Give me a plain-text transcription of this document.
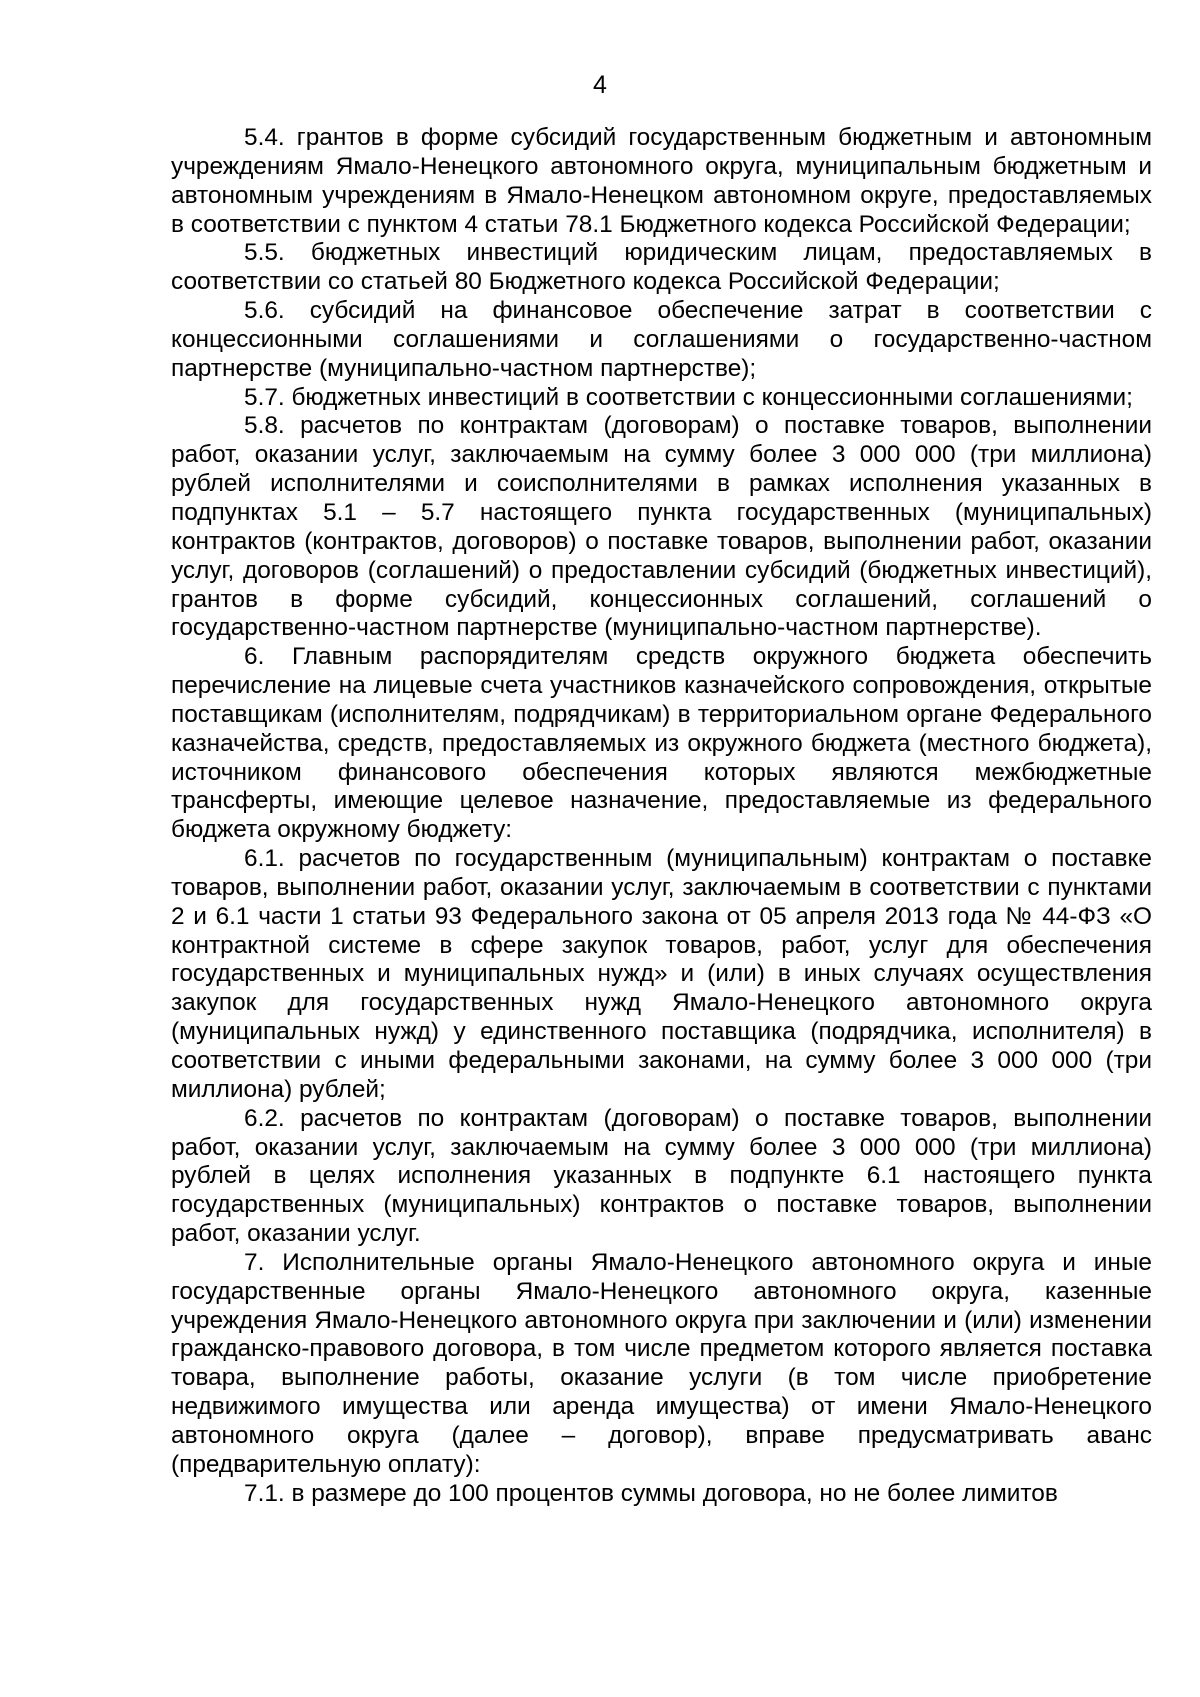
4

5.4. грантов в форме субсидий государственным бюджетным и автономным учреждениям Ямало-Ненецкого автономного округа, муниципальным бюджетным и автономным учреждениям в Ямало-Ненецком автономном округе, предоставляемых в соответствии с пунктом 4 статьи 78.1 Бюджетного кодекса Российской Федерации;

5.5. бюджетных инвестиций юридическим лицам, предоставляемых в соответствии со статьей 80 Бюджетного кодекса Российской Федерации;

5.6. субсидий на финансовое обеспечение затрат в соответствии с концессионными соглашениями и соглашениями о государственно-частном партнерстве (муниципально-частном партнерстве);

5.7. бюджетных инвестиций в соответствии с концессионными соглашениями;

5.8. расчетов по контрактам (договорам) о поставке товаров, выполнении работ, оказании услуг, заключаемым на сумму более 3 000 000 (три миллиона) рублей исполнителями и соисполнителями в рамках исполнения указанных в подпунктах 5.1 – 5.7 настоящего пункта государственных (муниципальных) контрактов (контрактов, договоров) о поставке товаров, выполнении работ, оказании услуг, договоров (соглашений) о предоставлении субсидий (бюджетных инвестиций), грантов в форме субсидий, концессионных соглашений, соглашений о государственно-частном партнерстве (муниципально-частном партнерстве).

6. Главным распорядителям средств окружного бюджета обеспечить перечисление на лицевые счета участников казначейского сопровождения, открытые поставщикам (исполнителям, подрядчикам) в территориальном органе Федерального казначейства, средств, предоставляемых из окружного бюджета (местного бюджета), источником финансового обеспечения которых являются межбюджетные трансферты, имеющие целевое назначение, предоставляемые из федерального бюджета окружному бюджету:

6.1. расчетов по государственным (муниципальным) контрактам о поставке товаров, выполнении работ, оказании услуг, заключаемым в соответствии с пунктами 2 и 6.1 части 1 статьи 93 Федерального закона от 05 апреля 2013 года № 44-ФЗ «О контрактной системе в сфере закупок товаров, работ, услуг для обеспечения государственных и муниципальных нужд» и (или) в иных случаях осуществления закупок для государственных нужд Ямало-Ненецкого автономного округа (муниципальных нужд) у единственного поставщика (подрядчика, исполнителя) в соответствии с иными федеральными законами, на сумму более 3 000 000 (три миллиона) рублей;

6.2. расчетов по контрактам (договорам) о поставке товаров, выполнении работ, оказании услуг, заключаемым на сумму более 3 000 000 (три миллиона) рублей в целях исполнения указанных в подпункте 6.1 настоящего пункта государственных (муниципальных) контрактов о поставке товаров, выполнении работ, оказании услуг.

7. Исполнительные органы Ямало-Ненецкого автономного округа и иные государственные органы Ямало-Ненецкого автономного округа, казенные учреждения Ямало-Ненецкого автономного округа при заключении и (или) изменении гражданско-правового договора, в том числе предметом которого является поставка товара, выполнение работы, оказание услуги (в том числе приобретение недвижимого имущества или аренда имущества) от имени Ямало-Ненецкого автономного округа (далее – договор), вправе предусматривать аванс (предварительную оплату):

7.1. в размере до 100 процентов суммы договора, но не более лимитов
